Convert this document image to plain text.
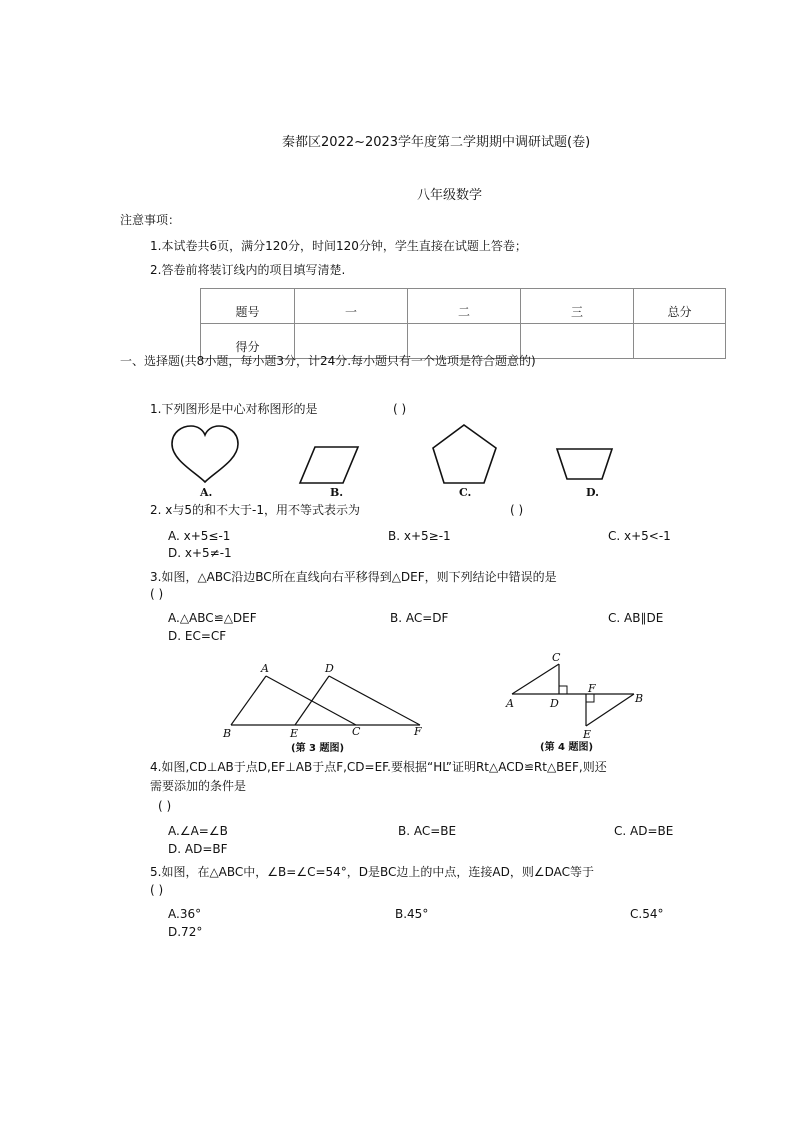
秦都区2022~2023学年度第二学期期中调研试题(卷)
八年级数学
注意事项：
1.本试卷共6页，满分120分，时间120分钟，学生直接在试题上答卷；
2.答卷前将装订线内的项目填写清楚.
题号	一	二	三	总分
得分				
一、选择题(共8小题，每小题3分，计24分.每小题只有一个选项是符合题意的)
1.下列图形是中心对称图形的是	( )
A.	B.	C.	D.
2. x与5的和不大于-1，用不等式表示为	( )
A. x+5≤-1	B. x+5≥-1	C. x+5<-1
D. x+5≠-1
3.如图，△ABC沿边BC所在直线向右平移得到△DEF，则下列结论中错误的是
( )
A.△ABC≌△DEF	B. AC=DF	C. AB∥DE
D. EC=CF
A	D
B	E	C	F
(第 3 题图)
C
A	D
F
B
E
(第 4 题图)
4.如图,CD⊥AB于点D,EF⊥AB于点F,CD=EF.要根据“HL”证明Rt△ACD≌Rt△BEF,则还
需要添加的条件是
( )
A.∠A=∠B	B. AC=BE	C. AD=BE
D. AD=BF
5.如图，在△ABC中，∠B=∠C=54°，D是BC边上的中点，连接AD，则∠DAC等于
( )
A.36°	B.45°	C.54°
D.72°
